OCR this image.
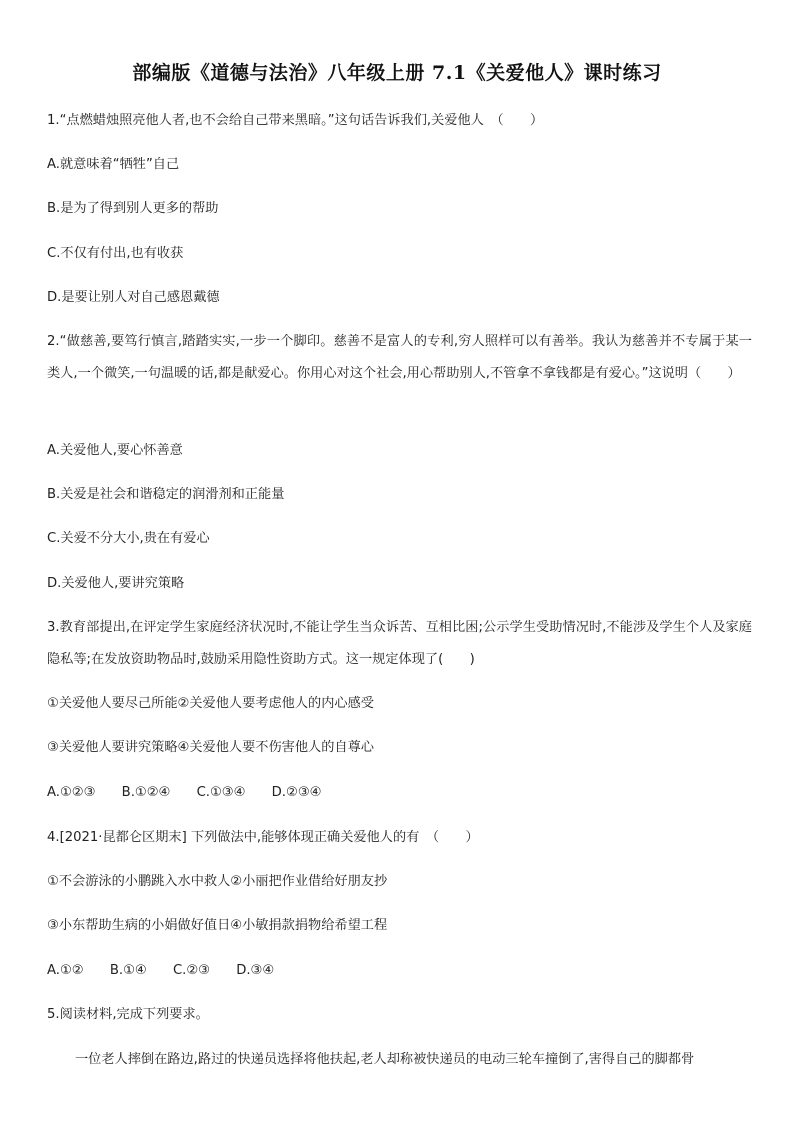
部编版《道德与法治》八年级上册 7.1《关爱他人》课时练习
1.“点燃蜡烛照亮他人者,也不会给自己带来黑暗。”这句话告诉我们,关爱他人　（　　）
A.就意味着“牺牲”自己
B.是为了得到别人更多的帮助
C.不仅有付出,也有收获
D.是要让别人对自己感恩戴德
2.“做慈善,要笃行慎言,踏踏实实,一步一个脚印。慈善不是富人的专利,穷人照样可以有善举。我认为慈善并不专属于某一类人,一个微笑,一句温暖的话,都是献爱心。你用心对这个社会,用心帮助别人,不管拿不拿钱都是有爱心。”这说明（　　）
A.关爱他人,要心怀善意
B.关爱是社会和谐稳定的润滑剂和正能量
C.关爱不分大小,贵在有爱心
D.关爱他人,要讲究策略
3.教育部提出,在评定学生家庭经济状况时,不能让学生当众诉苦、互相比困;公示学生受助情况时,不能涉及学生个人及家庭隐私等;在发放资助物品时,鼓励采用隐性资助方式。这一规定体现了(　　)
①关爱他人要尽己所能②关爱他人要考虑他人的内心感受
③关爱他人要讲究策略④关爱他人要不伤害他人的自尊心
A.①②③ B.①②④ C.①③④ D.②③④
4.[2021·昆都仑区期末] 下列做法中,能够体现正确关爱他人的有　（　　）
①不会游泳的小鹏跳入水中救人②小丽把作业借给好朋友抄
③小东帮助生病的小娟做好值日④小敏捐款捐物给希望工程
A.①② B.①④ C.②③ D.③④
5.阅读材料,完成下列要求。
一位老人摔倒在路边,路过的快递员选择将他扶起,老人却称被快递员的电动三轮车撞倒了,害得自己的脚都骨
